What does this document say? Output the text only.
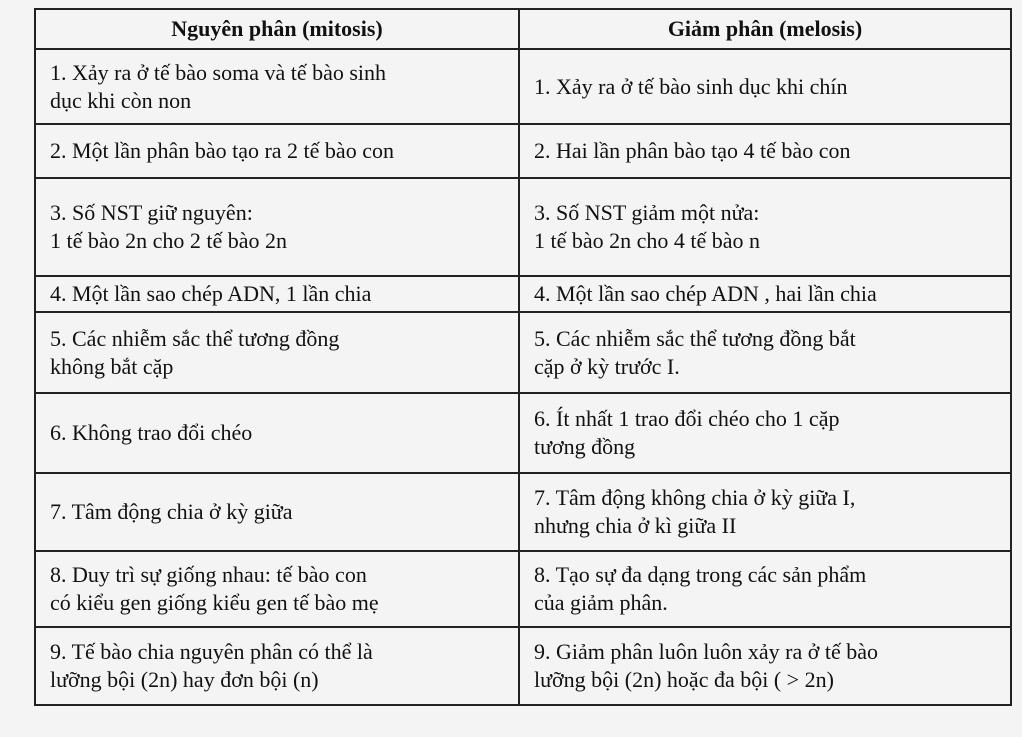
Nguyên phân (mitosis)	Giảm phân (melosis)

1. Xảy ra ở tế bào soma và tế bào sinh
dục khi còn non	1. Xảy ra ở tế bào sinh dục khi chín

2. Một lần phân bào tạo ra 2 tế bào con	2. Hai lần phân bào tạo 4 tế bào con

3. Số NST giữ nguyên:
1 tế bào 2n cho 2 tế bào 2n	3. Số NST giảm một nửa:
1 tế bào 2n cho 4 tế bào n

4. Một lần sao chép ADN, 1 lần chia	4. Một lần sao chép ADN , hai lần chia

5. Các nhiễm sắc thể tương đồng
không bắt cặp	5. Các nhiễm sắc thể tương đồng bắt
cặp ở kỳ trước I.

6. Không trao đổi chéo	6. Ít nhất 1 trao đổi chéo cho 1 cặp
tương đồng

7. Tâm động chia ở kỳ giữa	7. Tâm động không chia ở kỳ giữa I,
nhưng chia ở kì giữa II

8. Duy trì sự giống nhau: tế bào con
có kiểu gen giống kiểu gen tế bào mẹ	8. Tạo sự đa dạng trong các sản phẩm
của giảm phân.

9. Tế bào chia nguyên phân có thể là
lưỡng bội (2n) hay đơn bội (n)	9. Giảm phân luôn luôn xảy ra ở tế bào
lưỡng bội (2n) hoặc đa bội ( > 2n)
